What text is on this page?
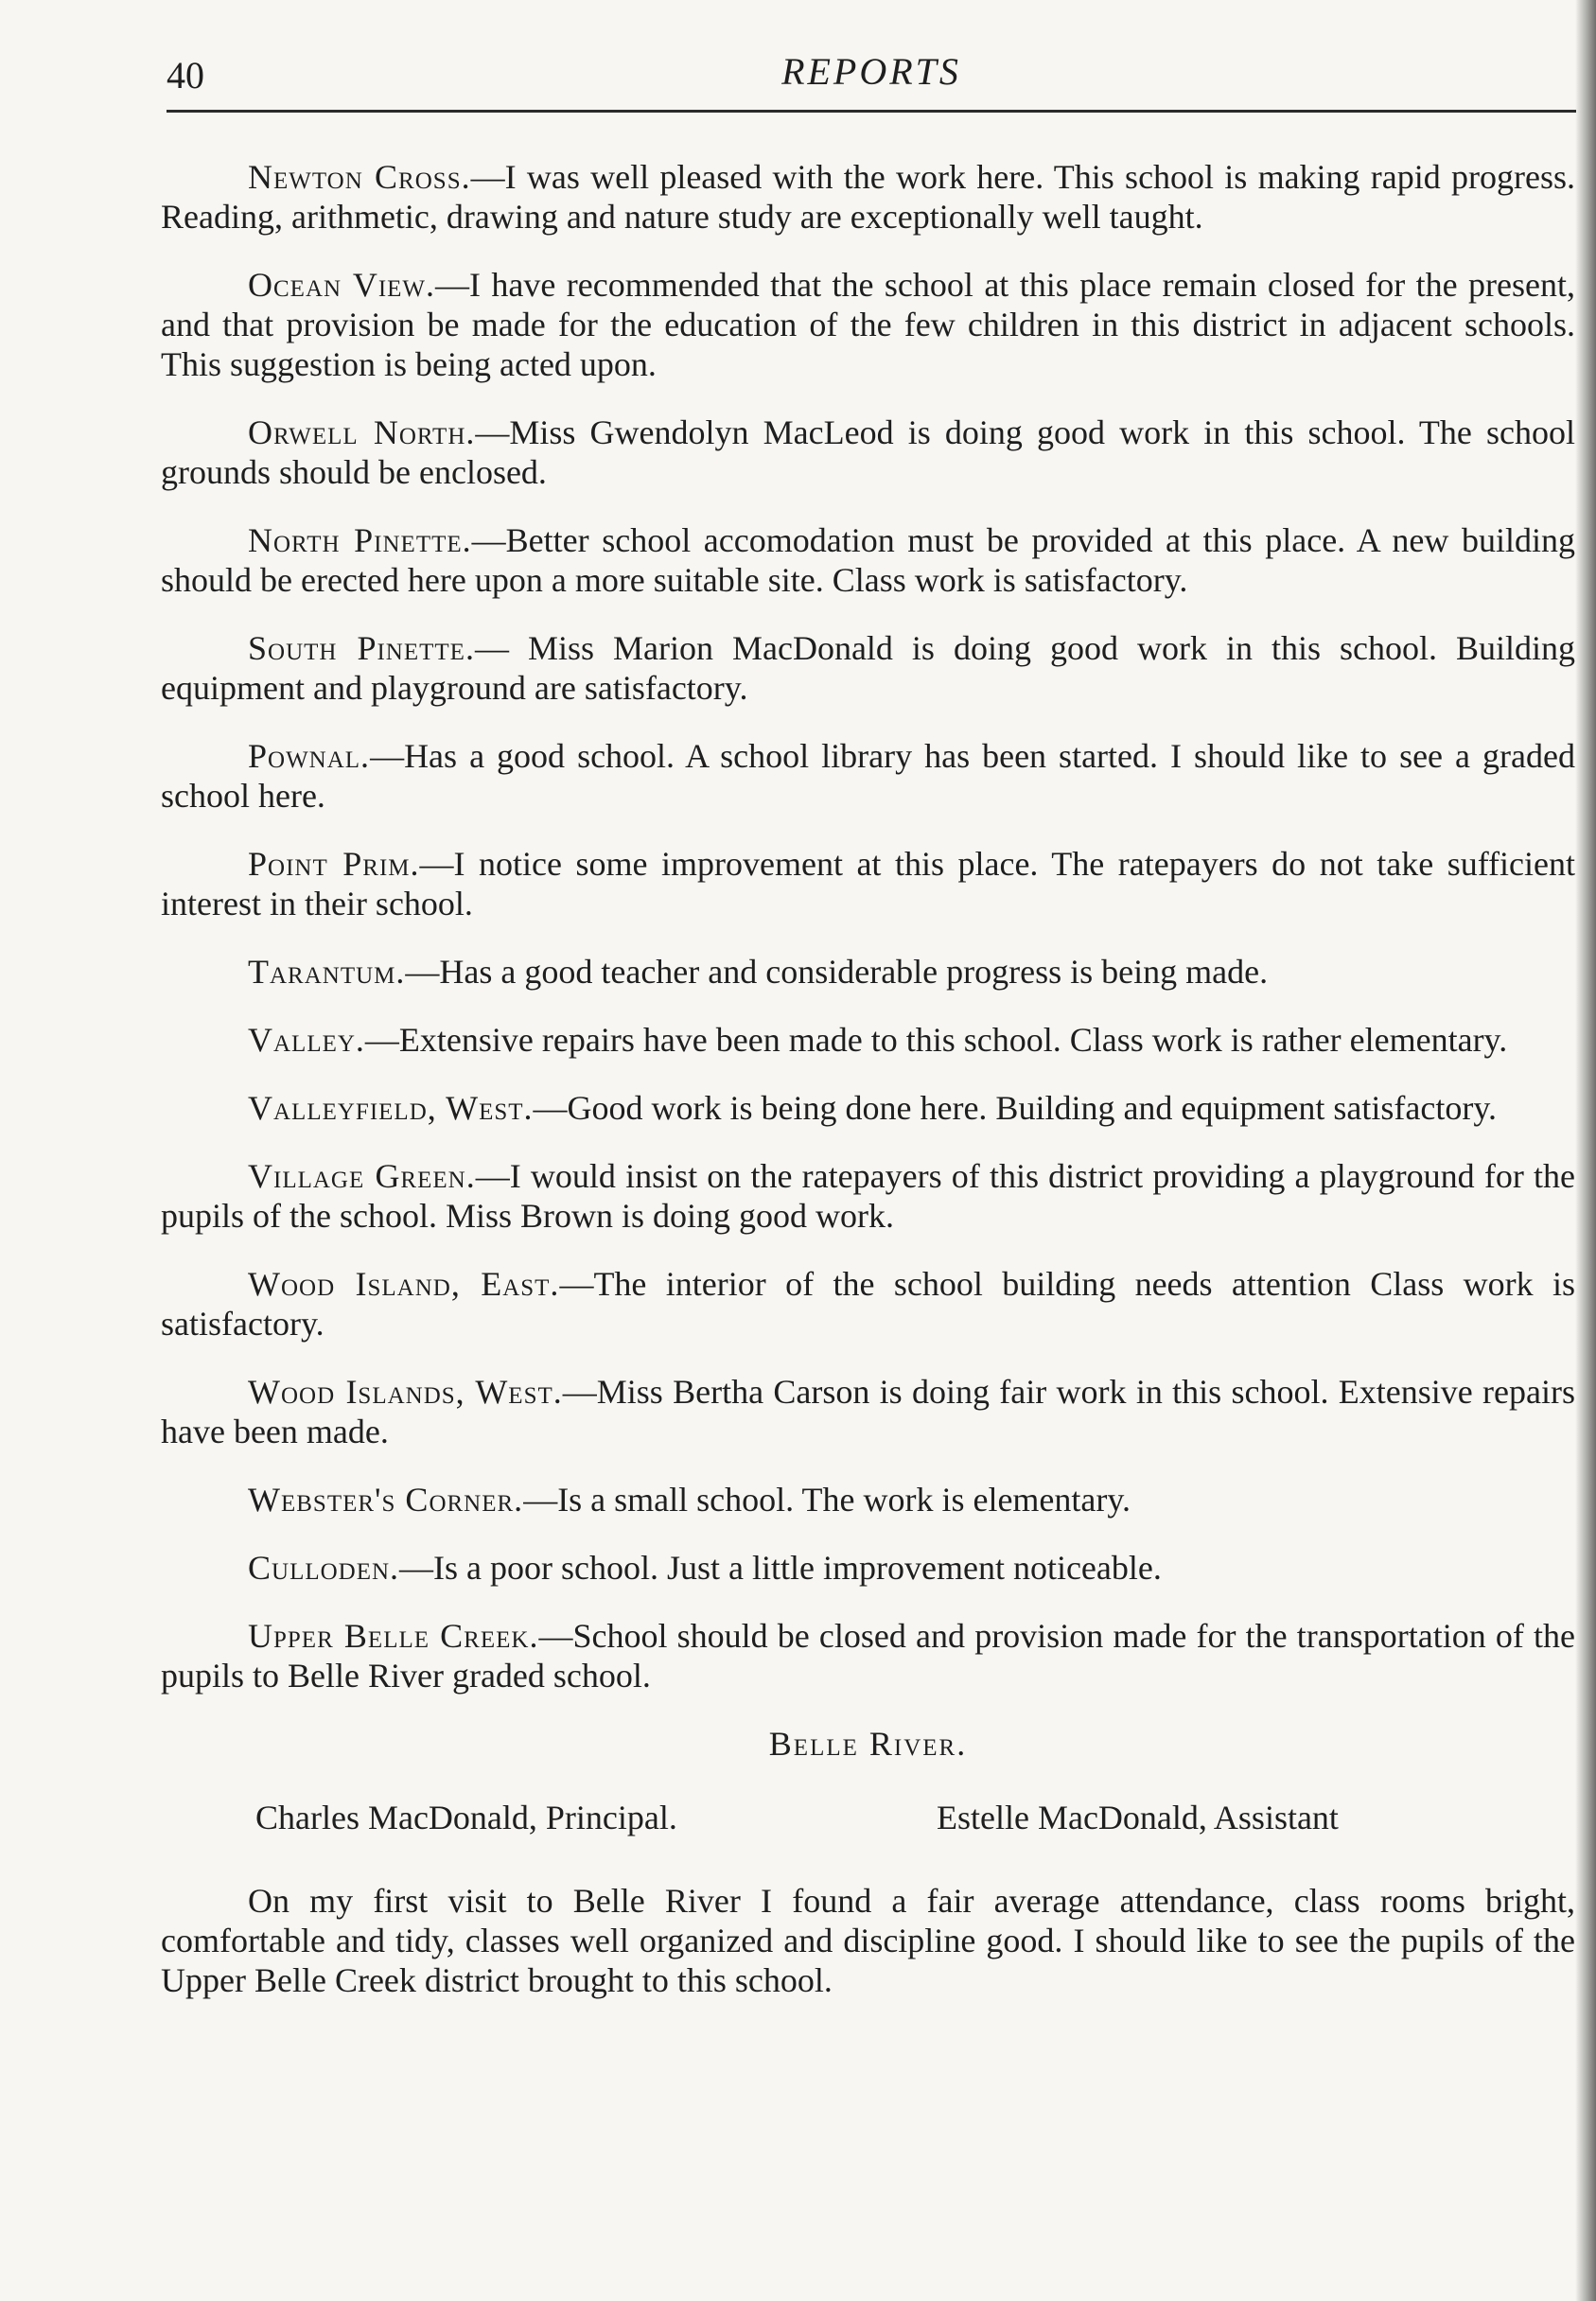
40	REPORTS

Newton Cross.—I was well pleased with the work here. This school is making rapid progress. Reading, arithmetic, drawing and nature study are exceptionally well taught.

Ocean View.—I have recommended that the school at this place remain closed for the present, and that provision be made for the education of the few children in this district in adjacent schools. This suggestion is being acted upon.

Orwell North.—Miss Gwendolyn MacLeod is doing good work in this school. The school grounds should be enclosed.

North Pinette.—Better school accomodation must be provided at this place. A new building should be erected here upon a more suitable site. Class work is satisfactory.

South Pinette.— Miss Marion MacDonald is doing good work in this school. Building equipment and playground are satisfactory.

Pownal.—Has a good school. A school library has been started. I should like to see a graded school here.

Point Prim.—I notice some improvement at this place. The ratepayers do not take sufficient interest in their school.

Tarantum.—Has a good teacher and considerable progress is being made.

Valley.—Extensive repairs have been made to this school. Class work is rather elementary.

Valleyfield, West.—Good work is being done here. Building and equipment satisfactory.

Village Green.—I would insist on the ratepayers of this district providing a playground for the pupils of the school. Miss Brown is doing good work.

Wood Island, East.—The interior of the school building needs attention Class work is satisfactory.

Wood Islands, West.—Miss Bertha Carson is doing fair work in this school. Extensive repairs have been made.

Webster's Corner.—Is a small school. The work is elementary.

Culloden.—Is a poor school. Just a little improvement noticeable.

Upper Belle Creek.—School should be closed and provision made for the transportation of the pupils to Belle River graded school.

Belle River.
Charles MacDonald, Principal.	Estelle MacDonald, Assistant

On my first visit to Belle River I found a fair average attendance, class rooms bright, comfortable and tidy, classes well organized and discipline good. I should like to see the pupils of the Upper Belle Creek district brought to this school.
